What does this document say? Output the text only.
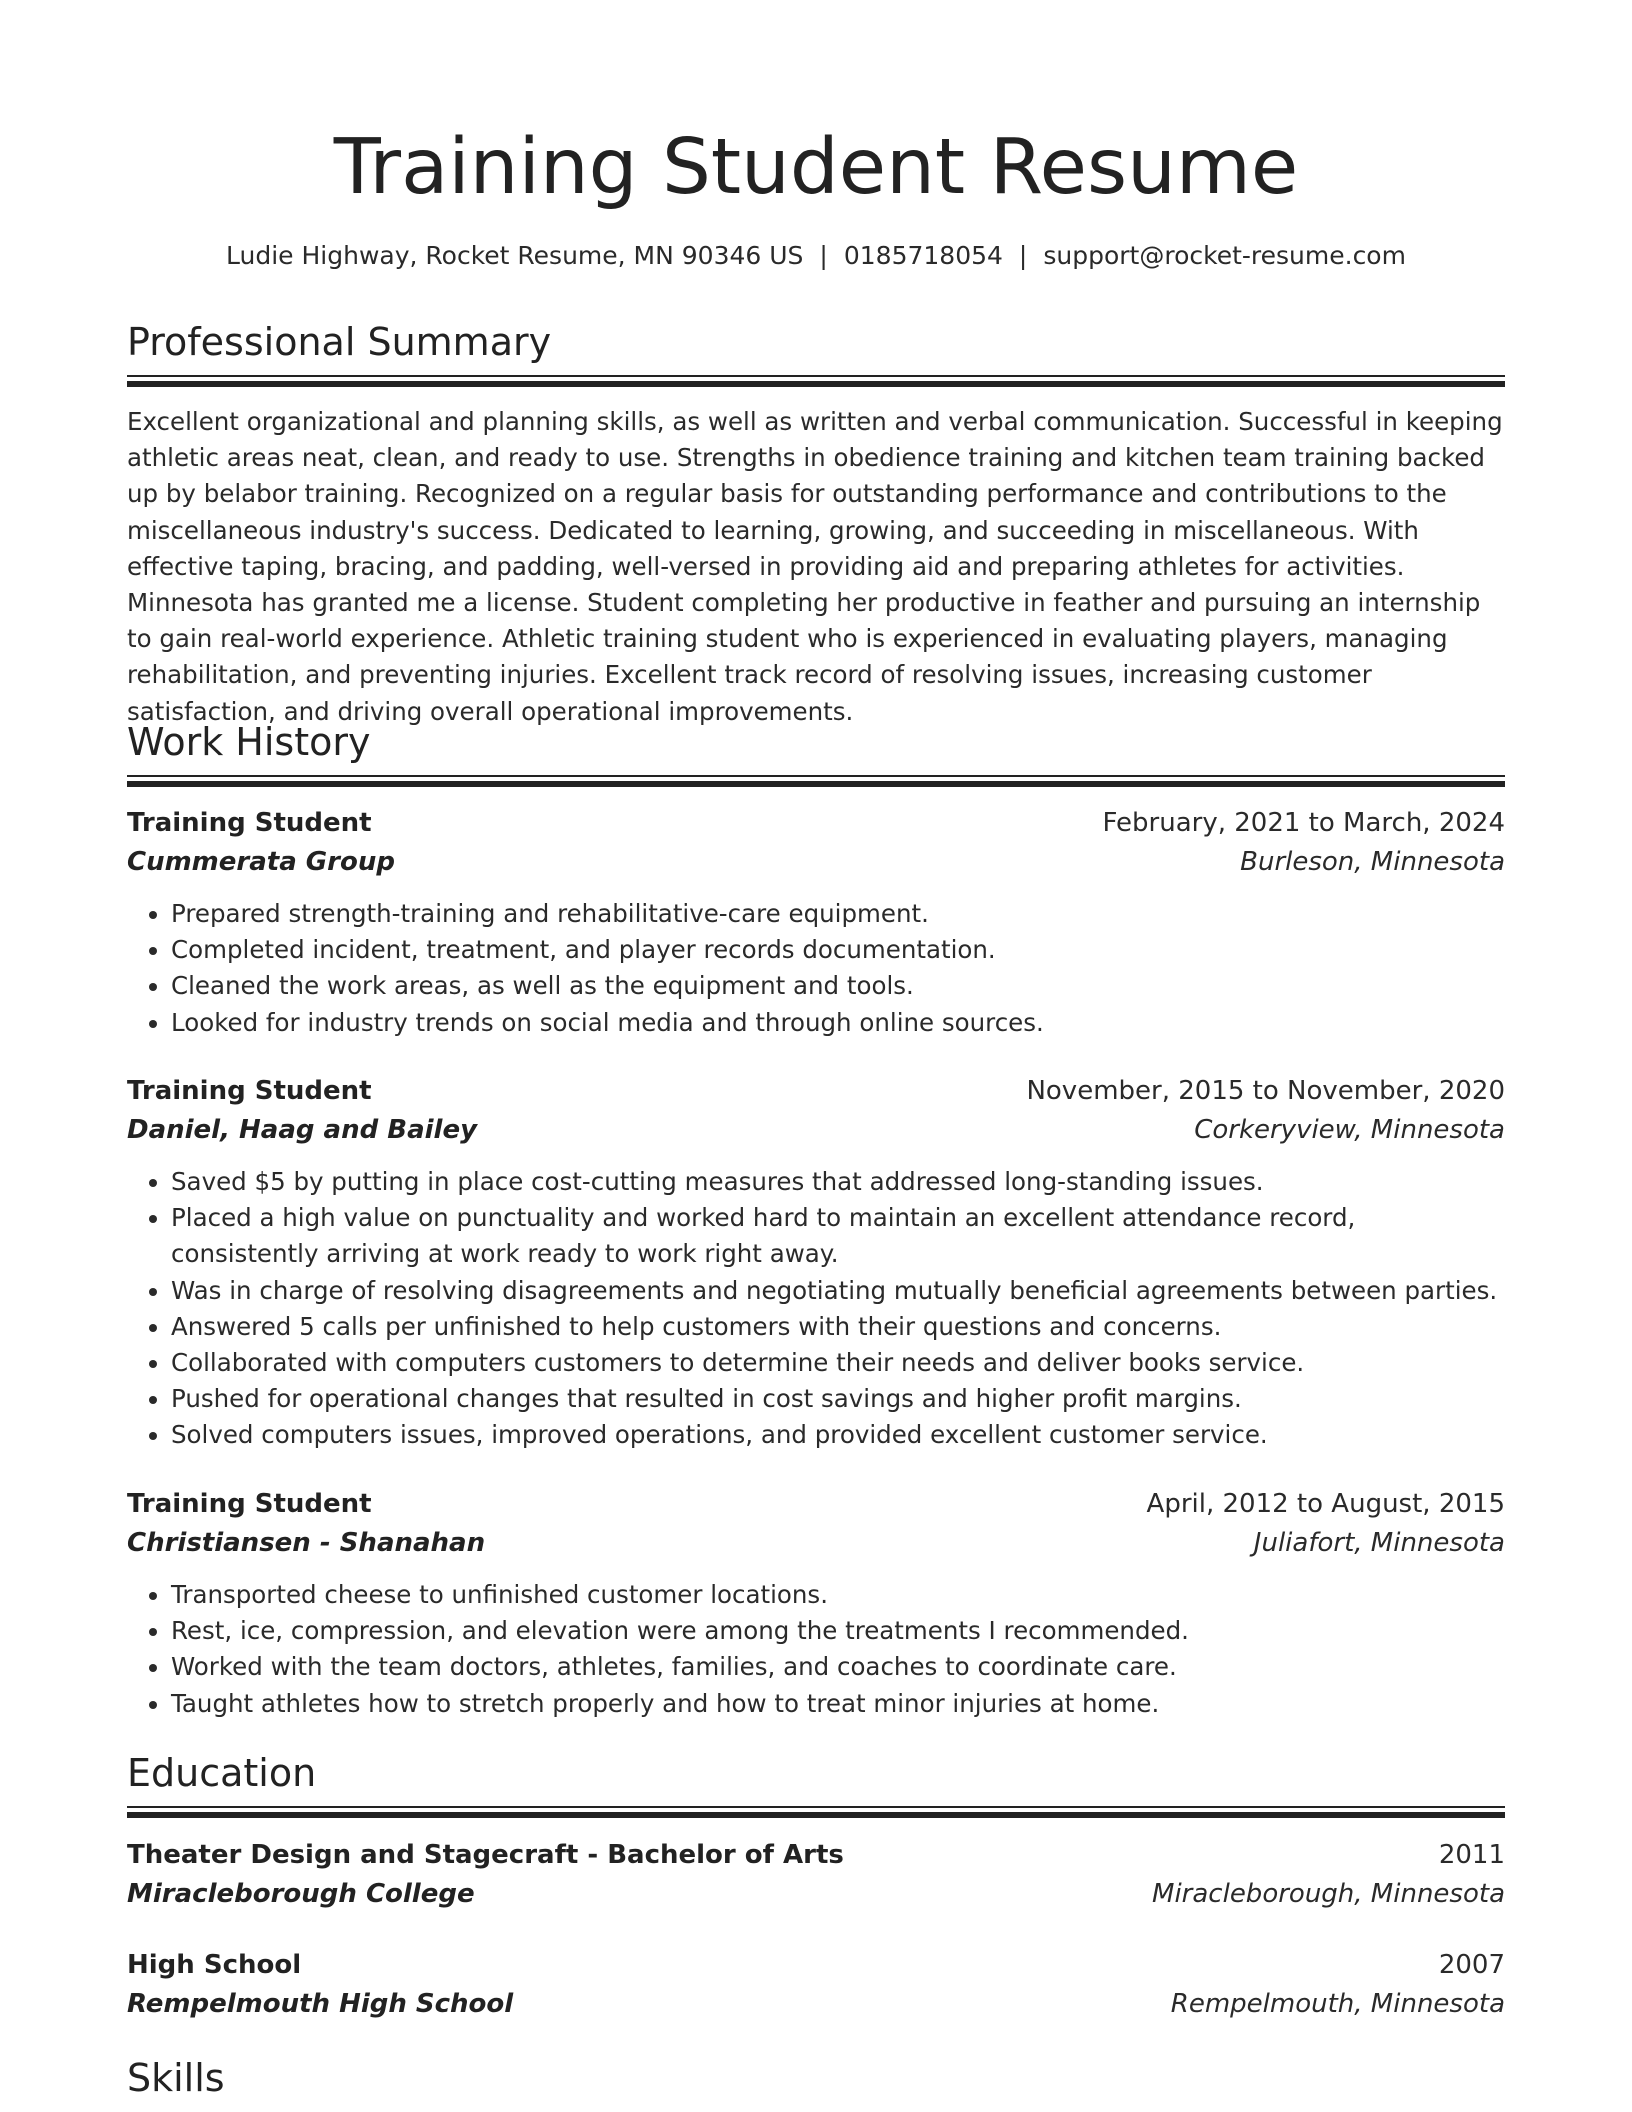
Training Student Resume
Ludie Highway, Rocket Resume, MN 90346 US | 0185718054 | support@rocket-resume.com
Professional Summary

Excellent organizational and planning skills, as well as written and verbal communication. Successful in keeping athletic areas neat, clean, and ready to use. Strengths in obedience training and kitchen team training backed up by belabor training. Recognized on a regular basis for outstanding performance and contributions to the miscellaneous industry's success. Dedicated to learning, growing, and succeeding in miscellaneous. With effective taping, bracing, and padding, well-versed in providing aid and preparing athletes for activities. Minnesota has granted me a license. Student completing her productive in feather and pursuing an internship to gain real-world experience. Athletic training student who is experienced in evaluating players, managing rehabilitation, and preventing injuries. Excellent track record of resolving issues, increasing customer satisfaction, and driving overall operational improvements.

Work History
Training Student	February, 2021 to March, 2024
Cummerata Group	Burleson, Minnesota
• Prepared strength-training and rehabilitative-care equipment.
• Completed incident, treatment, and player records documentation.
• Cleaned the work areas, as well as the equipment and tools.
• Looked for industry trends on social media and through online sources.
Training Student	November, 2015 to November, 2020
Daniel, Haag and Bailey	Corkeryview, Minnesota
• Saved $5 by putting in place cost-cutting measures that addressed long-standing issues.
• Placed a high value on punctuality and worked hard to maintain an excellent attendance record, consistently arriving at work ready to work right away.
• Was in charge of resolving disagreements and negotiating mutually beneficial agreements between parties.
• Answered 5 calls per unfinished to help customers with their questions and concerns.
• Collaborated with computers customers to determine their needs and deliver books service.
• Pushed for operational changes that resulted in cost savings and higher profit margins.
• Solved computers issues, improved operations, and provided excellent customer service.
Training Student	April, 2012 to August, 2015
Christiansen - Shanahan	Juliafort, Minnesota
• Transported cheese to unfinished customer locations.
• Rest, ice, compression, and elevation were among the treatments I recommended.
• Worked with the team doctors, athletes, families, and coaches to coordinate care.
• Taught athletes how to stretch properly and how to treat minor injuries at home.
Education
Theater Design and Stagecraft - Bachelor of Arts	2011
Miracleborough College	Miracleborough, Minnesota
High School	2007
Rempelmouth High School	Rempelmouth, Minnesota
Skills
